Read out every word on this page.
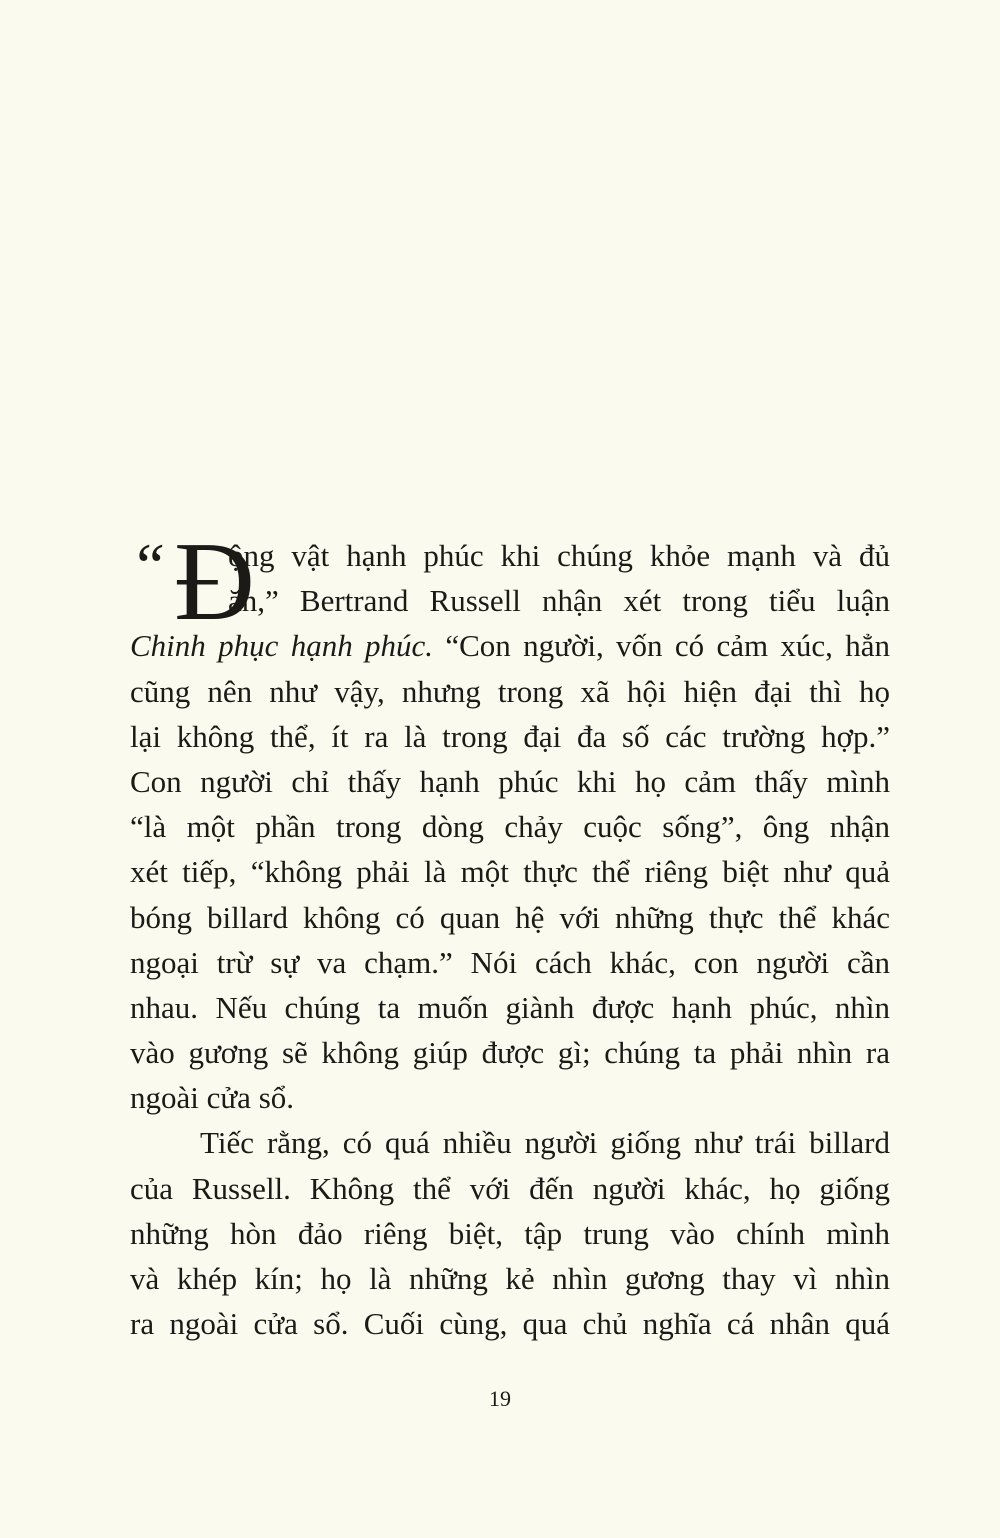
“ Đ
ộng vật hạnh phúc khi chúng khỏe mạnh và đủ
ăn,” Bertrand Russell nhận xét trong tiểu luận
Chinh phục hạnh phúc. “Con người, vốn có cảm xúc, hẳn
cũng nên như vậy, nhưng trong xã hội hiện đại thì họ
lại không thể, ít ra là trong đại đa số các trường hợp.”
Con người chỉ thấy hạnh phúc khi họ cảm thấy mình
“là một phần trong dòng chảy cuộc sống”, ông nhận
xét tiếp, “không phải là một thực thể riêng biệt như quả
bóng billard không có quan hệ với những thực thể khác
ngoại trừ sự va chạm.” Nói cách khác, con người cần
nhau. Nếu chúng ta muốn giành được hạnh phúc, nhìn
vào gương sẽ không giúp được gì; chúng ta phải nhìn ra
ngoài cửa sổ.
Tiếc rằng, có quá nhiều người giống như trái billard
của Russell. Không thể với đến người khác, họ giống
những hòn đảo riêng biệt, tập trung vào chính mình
và khép kín; họ là những kẻ nhìn gương thay vì nhìn
ra ngoài cửa sổ. Cuối cùng, qua chủ nghĩa cá nhân quá
19
